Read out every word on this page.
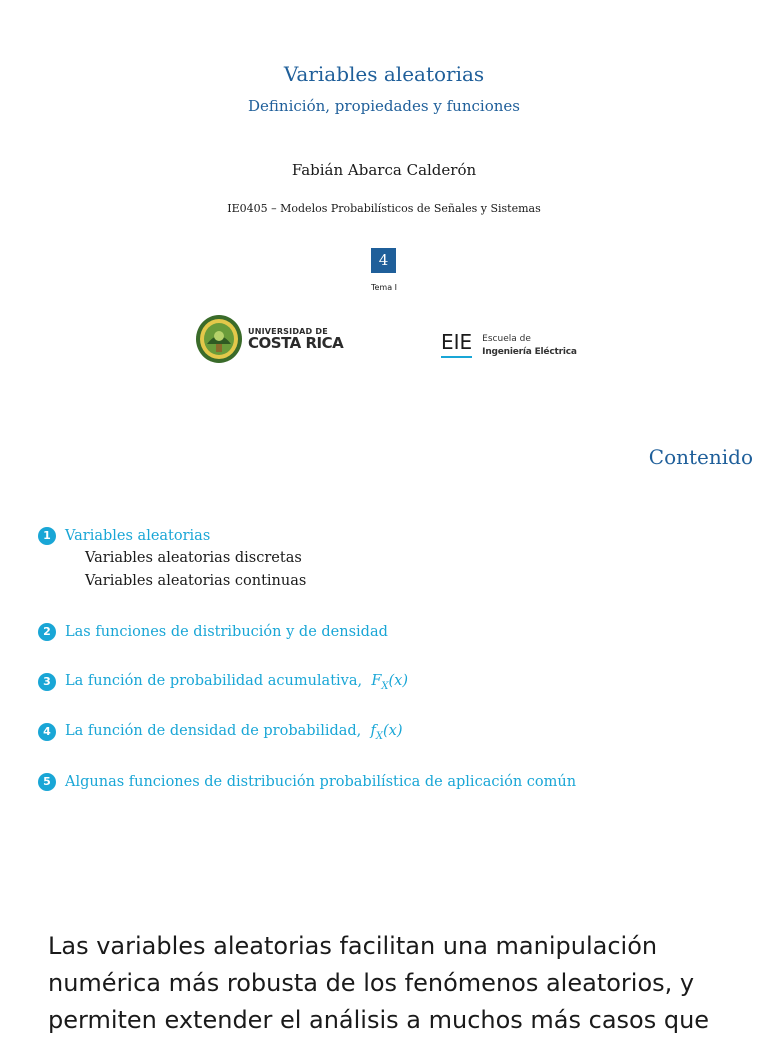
Variables aleatorias
Definición, propiedades y funciones
Fabián Abarca Calderón
IE0405 – Modelos Probabilísticos de Señales y Sistemas
4
Tema I
UNIVERSIDAD DE
COSTA RICA	EIE Escuela de
Ingeniería Eléctrica
Contenido
1 Variables aleatorias
Variables aleatorias discretas
Variables aleatorias continuas
2 Las funciones de distribución y de densidad
3 La función de probabilidad acumulativa,  $F_X(x)$
4 La función de densidad de probabilidad,  $f_X(x)$
5 Algunas funciones de distribución probabilística de aplicación común
Las variables aleatorias facilitan una manipulación numérica más robusta de los fenómenos aleatorios, y permiten extender el análisis a muchos más casos que
